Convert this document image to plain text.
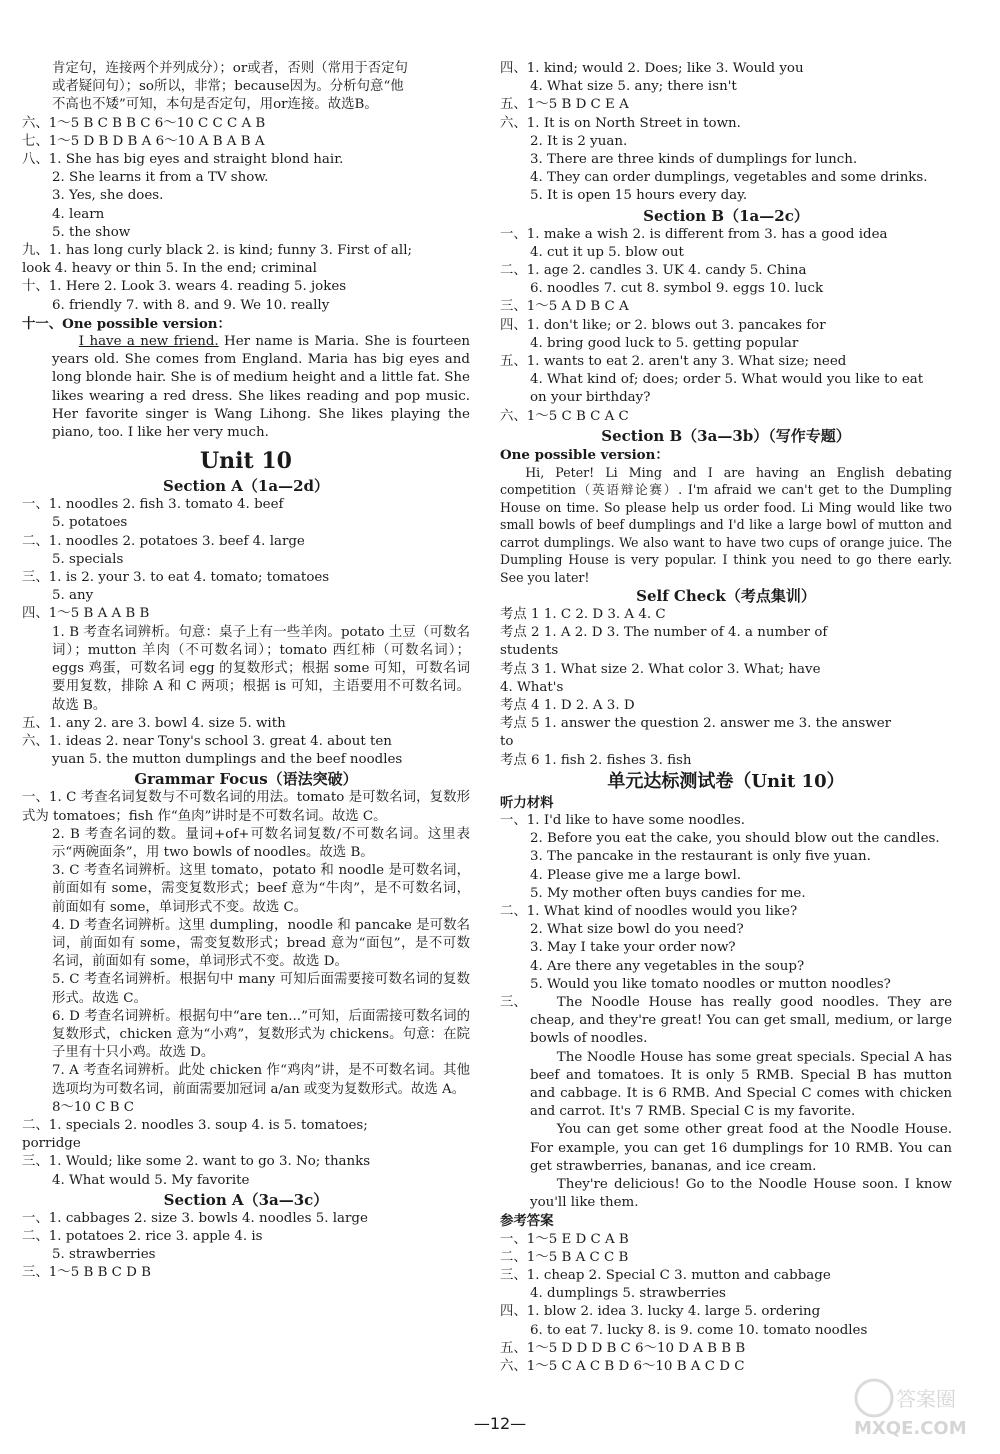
肯定句，连接两个并列成分）；or或者，否则（常用于否定句
或者疑问句）；so所以，非常；because因为。分析句意“他
不高也不矮”可知，本句是否定句，用or连接。故选B。
六、1～5 B C B B C 6～10 C C C A B
七、1～5 D B D B A 6～10 A B A B A
八、1. She has big eyes and straight blond hair.
2. She learns it from a TV show.
3. Yes, she does.
4. learn
5. the show
九、1. has long curly black 2. is kind; funny 3. First of all;
look 4. heavy or thin 5. In the end; criminal
十、1. Here 2. Look 3. wears 4. reading 5. jokes
6. friendly 7. with 8. and 9. We 10. really
十一、One possible version：
I have a new friend. Her name is Maria. She is fourteen years old. She comes from England. Maria has big eyes and long blonde hair. She is of medium height and a little fat. She likes wearing a red dress. She likes reading and pop music. Her favorite singer is Wang Lihong. She likes playing the piano, too. I like her very much.
Unit 10
Section A（1a—2d）
一、1. noodles 2. fish 3. tomato 4. beef
5. potatoes
二、1. noodles 2. potatoes 3. beef 4. large
5. specials
三、1. is 2. your 3. to eat 4. tomato; tomatoes
5. any
四、1～5 B A A B B
1. B 考查名词辨析。句意：桌子上有一些羊肉。potato 土豆（可数名词）；mutton 羊肉（不可数名词）；tomato 西红柿（可数名词）；eggs 鸡蛋，可数名词 egg 的复数形式；根据 some 可知，可数名词要用复数，排除 A 和 C 两项；根据 is 可知，主语要用不可数名词。故选 B。
五、1. any 2. are 3. bowl 4. size 5. with
六、1. ideas 2. near Tony's school 3. great 4. about ten
yuan 5. the mutton dumplings and the beef noodles
Grammar Focus（语法突破）
一、1. C 考查名词复数与不可数名词的用法。tomato 是可数名词，复数形式为 tomatoes；fish 作“鱼肉”讲时是不可数名词。故选 C。
2. B 考查名词的数。量词+of+可数名词复数/不可数名词。这里表示“两碗面条”，用 two bowls of noodles。故选 B。
3. C 考查名词辨析。这里 tomato，potato 和 noodle 是可数名词，前面如有 some，需变复数形式；beef 意为“牛肉”，是不可数名词，前面如有 some，单词形式不变。故选 C。
4. D 考查名词辨析。这里 dumpling，noodle 和 pancake 是可数名词，前面如有 some，需变复数形式；bread 意为“面包”，是不可数名词，前面如有 some，单词形式不变。故选 D。
5. C 考查名词辨析。根据句中 many 可知后面需要接可数名词的复数形式。故选 C。
6. D 考查名词辨析。根据句中“are ten...”可知，后面需接可数名词的复数形式，chicken 意为“小鸡”，复数形式为 chickens。句意：在院子里有十只小鸡。故选 D。
7. A 考查名词辨析。此处 chicken 作“鸡肉”讲，是不可数名词。其他选项均为可数名词，前面需要加冠词 a/an 或变为复数形式。故选 A。
8～10 C B C
二、1. specials 2. noodles 3. soup 4. is 5. tomatoes;
porridge
三、1. Would; like some 2. want to go 3. No; thanks
4. What would 5. My favorite
Section A（3a—3c）
一、1. cabbages 2. size 3. bowls 4. noodles 5. large
二、1. potatoes 2. rice 3. apple 4. is
5. strawberries
三、1～5 B B C D B
四、1. kind; would 2. Does; like 3. Would you
4. What size 5. any; there isn't
五、1～5 B D C E A
六、1. It is on North Street in town.
2. It is 2 yuan.
3. There are three kinds of dumplings for lunch.
4. They can order dumplings, vegetables and some drinks.
5. It is open 15 hours every day.
Section B（1a—2c）
一、1. make a wish 2. is different from 3. has a good idea
4. cut it up 5. blow out
二、1. age 2. candles 3. UK 4. candy 5. China
6. noodles 7. cut 8. symbol 9. eggs 10. luck
三、1～5 A D B C A
四、1. don't like; or 2. blows out 3. pancakes for
4. bring good luck to 5. getting popular
五、1. wants to eat 2. aren't any 3. What size; need
4. What kind of; does; order 5. What would you like to eat
on your birthday?
六、1～5 C B C A C
Section B（3a—3b）（写作专题）
One possible version：
Hi, Peter! Li Ming and I are having an English debating competition（英语辩论赛）. I'm afraid we can't get to the Dumpling House on time. So please help us order food. Li Ming would like two small bowls of beef dumplings and I'd like a large bowl of mutton and carrot dumplings. We also want to have two cups of orange juice. The Dumpling House is very popular. I think you need to go there early. See you later!
Self Check（考点集训）
考点 1 1. C 2. D 3. A 4. C
考点 2 1. A 2. D 3. The number of 4. a number of
students
考点 3 1. What size 2. What color 3. What; have
4. What's
考点 4 1. D 2. A 3. D
考点 5 1. answer the question 2. answer me 3. the answer
to
考点 6 1. fish 2. fishes 3. fish
单元达标测试卷（Unit 10）
听力材料
一、1. I'd like to have some noodles.
2. Before you eat the cake, you should blow out the candles.
3. The pancake in the restaurant is only five yuan.
4. Please give me a large bowl.
5. My mother often buys candies for me.
二、1. What kind of noodles would you like?
2. What size bowl do you need?
3. May I take your order now?
4. Are there any vegetables in the soup?
5. Would you like tomato noodles or mutton noodles?
三、	The Noodle House has really good noodles. They are cheap, and they're great! You can get small, medium, or large bowls of noodles.
The Noodle House has some great specials. Special A has beef and tomatoes. It is only 5 RMB. Special B has mutton and cabbage. It is 6 RMB. And Special C comes with chicken and carrot. It's 7 RMB. Special C is my favorite.
You can get some other great food at the Noodle House. For example, you can get 16 dumplings for 10 RMB. You can get strawberries, bananas, and ice cream.
They're delicious! Go to the Noodle House soon. I know you'll like them.
参考答案
一、1～5 E D C A B
二、1～5 B A C C B
三、1. cheap 2. Special C 3. mutton and cabbage
4. dumplings 5. strawberries
四、1. blow 2. idea 3. lucky 4. large 5. ordering
6. to eat 7. lucky 8. is 9. come 10. tomato noodles
五、1～5 D D D B C 6～10 D A B B B
六、1～5 C A C B D 6～10 B A C D C
—12—
答案圈
MXQE.COM
